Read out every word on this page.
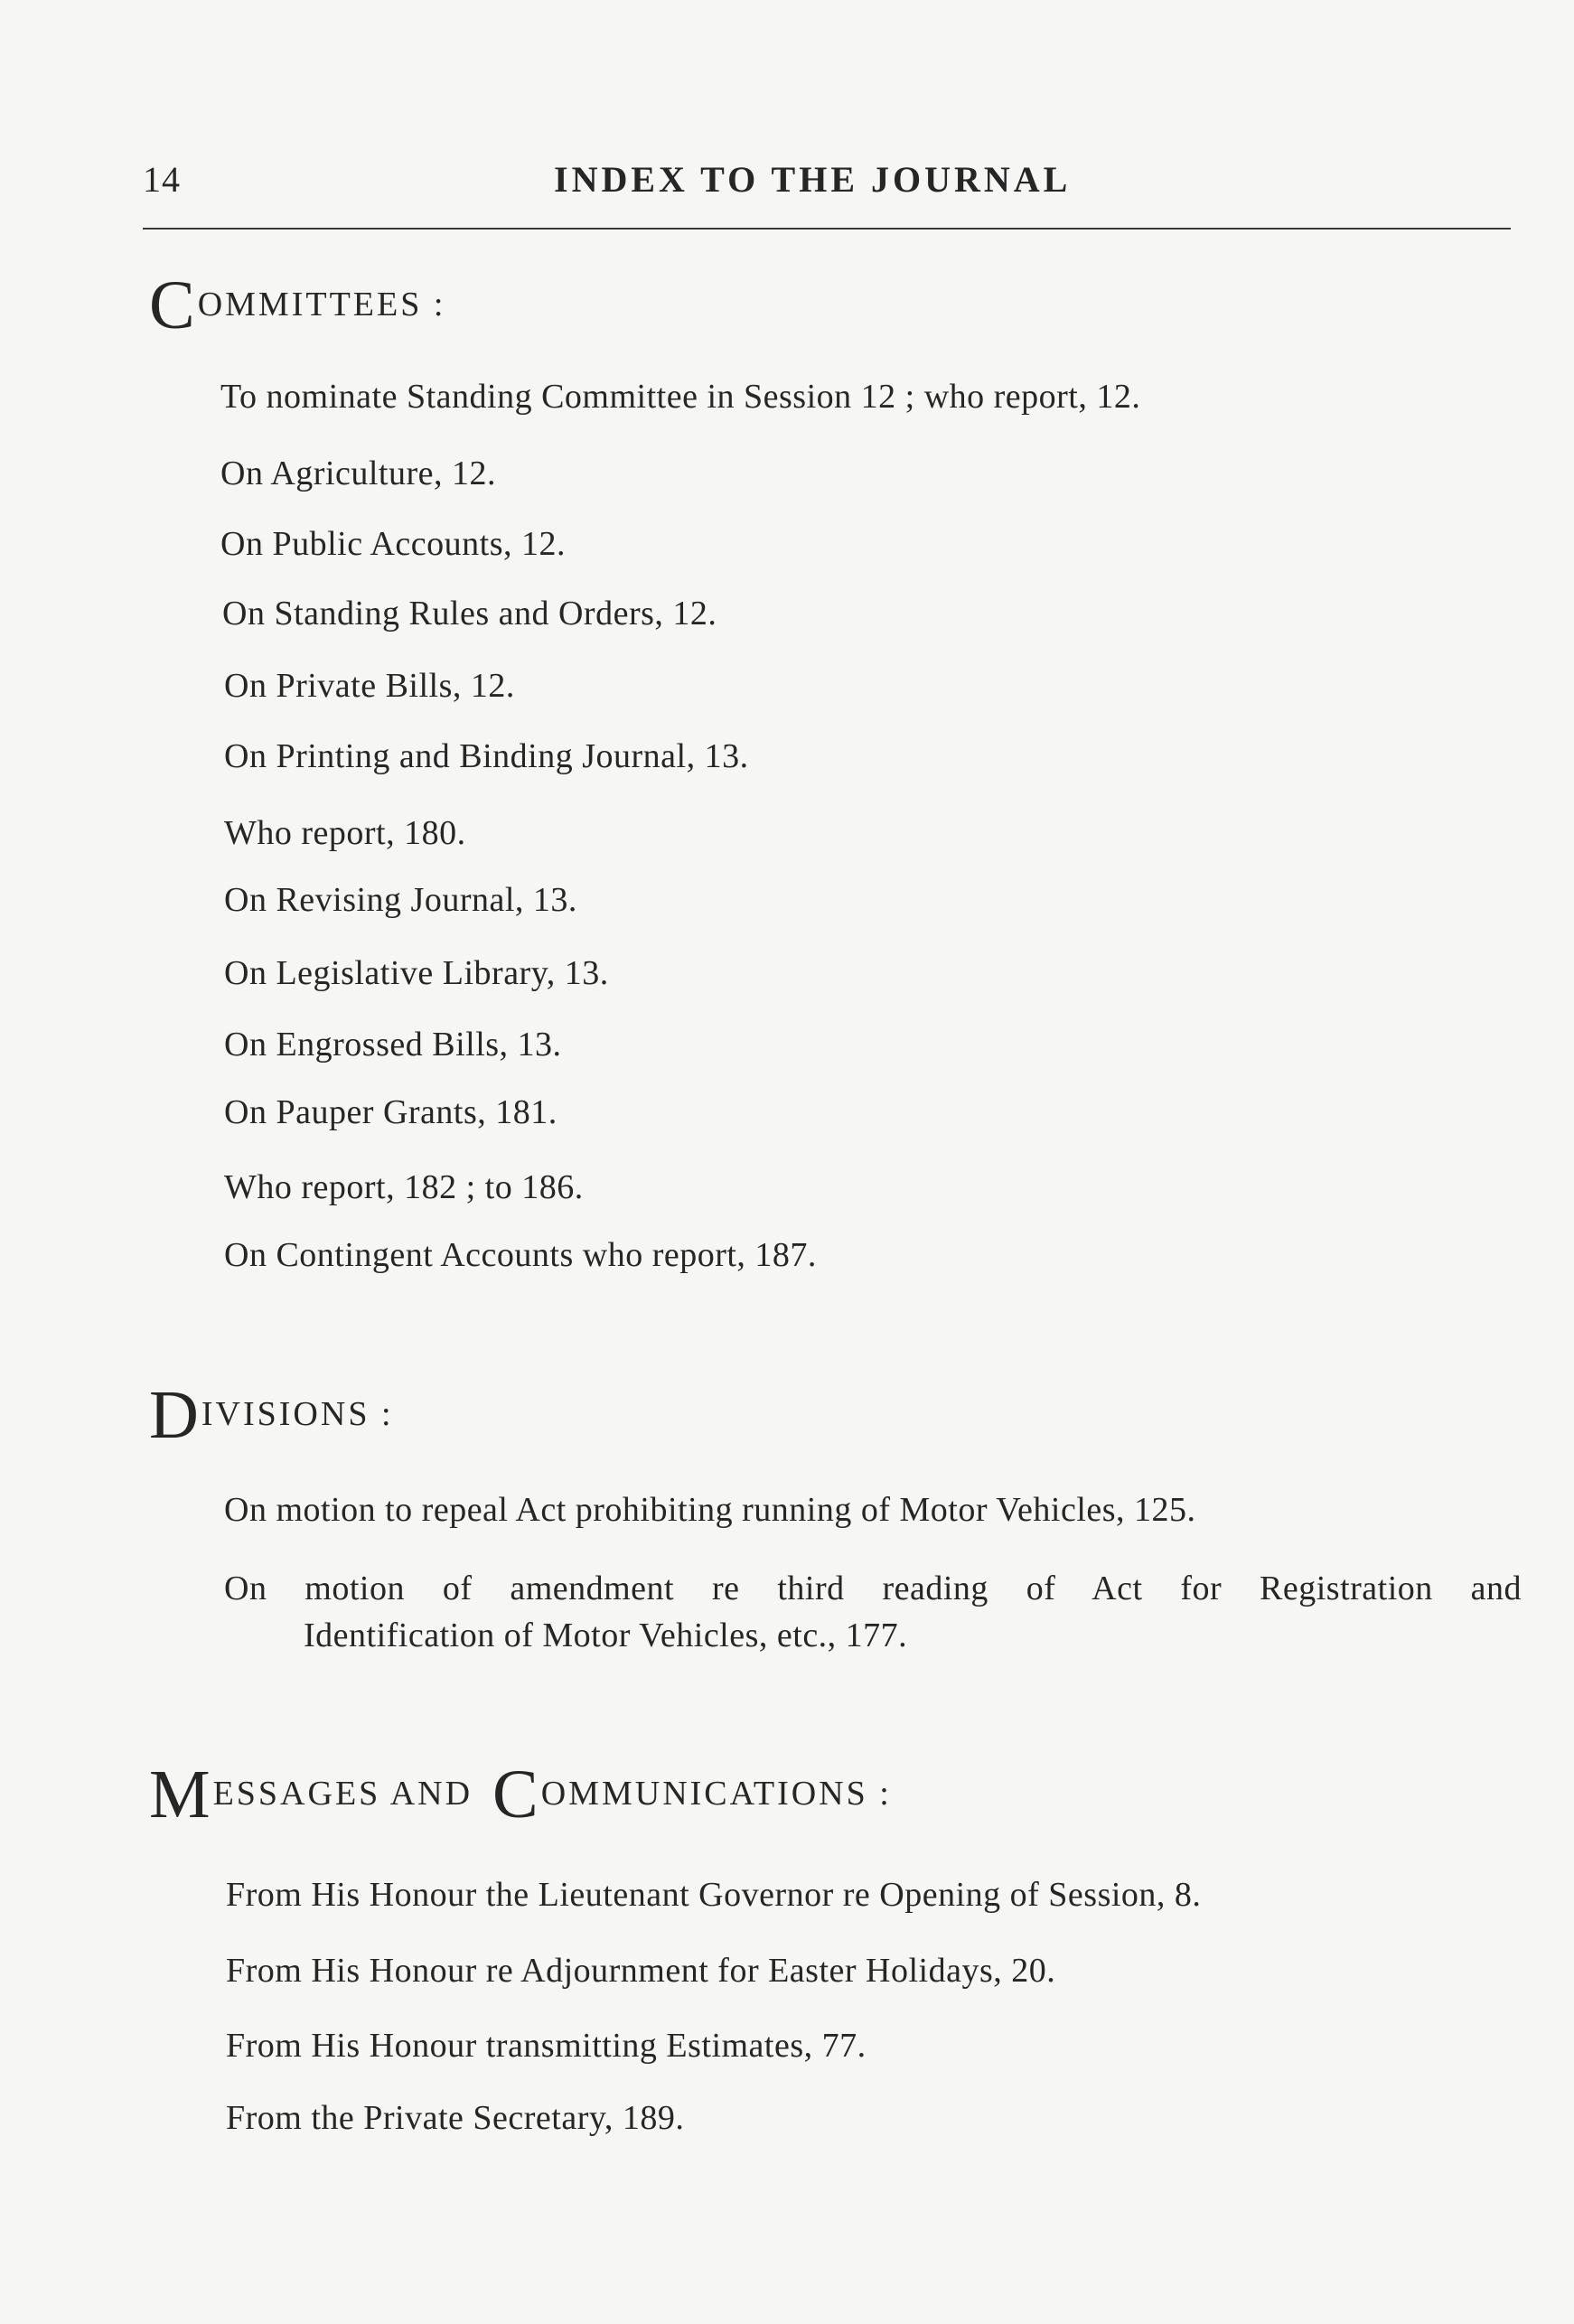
14	INDEX TO THE JOURNAL
COMMITTEES :
To nominate Standing Committee in Session 12 ; who report, 12.
On Agriculture, 12.
On Public Accounts, 12.
On Standing Rules and Orders, 12.
On Private Bills, 12.
On Printing and Binding Journal, 13.
Who report, 180.
On Revising Journal, 13.
On Legislative Library, 13.
On Engrossed Bills, 13.
On Pauper Grants, 181.
Who report, 182 ; to 186.
On Contingent Accounts who report, 187.
DIVISIONS :
On motion to repeal Act prohibiting running of Motor Vehicles, 125.
On motion of amendment re third reading of Act for Registration and
Identification of Motor Vehicles, etc., 177.
MESSAGES AND COMMUNICATIONS :
From His Honour the Lieutenant Governor re Opening of Session, 8.
From His Honour re Adjournment for Easter Holidays, 20.
From His Honour transmitting Estimates, 77.
From the Private Secretary, 189.
